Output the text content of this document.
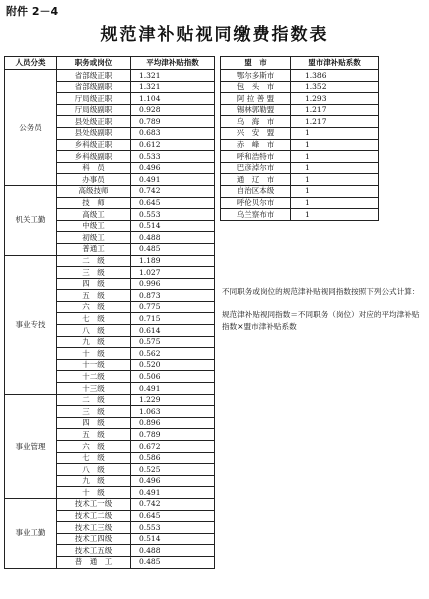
附件 2－4
规范津补贴视同缴费指数表
人员分类	职务或岗位	平均津补贴指数
公务员	省部级正职	1.321
	省部级副职	1.321
	厅局级正职	1.104
	厅局级副职	0.928
	县处级正职	0.789
	县处级副职	0.683
	乡科级正职	0.612
	乡科级副职	0.533
	科　员	0.496
	办事员	0.491
机关工勤	高级技师	0.742
	技　师	0.645
	高级工	0.553
	中级工	0.514
	初级工	0.488
	普通工	0.485
事业专技	二　级	1.189
	三　级	1.027
	四　级	0.996
	五　级	0.873
	六　级	0.775
	七　级	0.715
	八　级	0.614
	九　级	0.575
	十　级	0.562
	十一级	0.520
	十二级	0.506
	十三级	0.491
事业管理	二　级	1.229
	三　级	1.063
	四　级	0.896
	五　级	0.789
	六　级	0.672
	七　级	0.586
	八　级	0.525
	九　级	0.496
	十　级	0.491
事业工勤	技术工一级	0.742
	技术工二级	0.645
	技术工三级	0.553
	技术工四级	0.514
	技术工五级	0.488
	普　通　工	0.485
盟　市	盟市津补贴系数
鄂尔多斯市	1.386
包　头　市	1.352
阿 拉 善 盟	1.293
锡林郭勒盟	1.217
乌　海　市	1.217
兴　安　盟	1
赤　峰　市	1
呼和浩特市	1
巴彦淖尔市	1
通　辽　市	1
自治区本级	1
呼伦贝尔市	1
乌兰察布市	1
不同职务或岗位的规范津补贴视同指数按照下列公式计算：
规范津补贴视同指数＝不同职务（岗位）对应的平均津补贴指数×盟市津补贴系数
